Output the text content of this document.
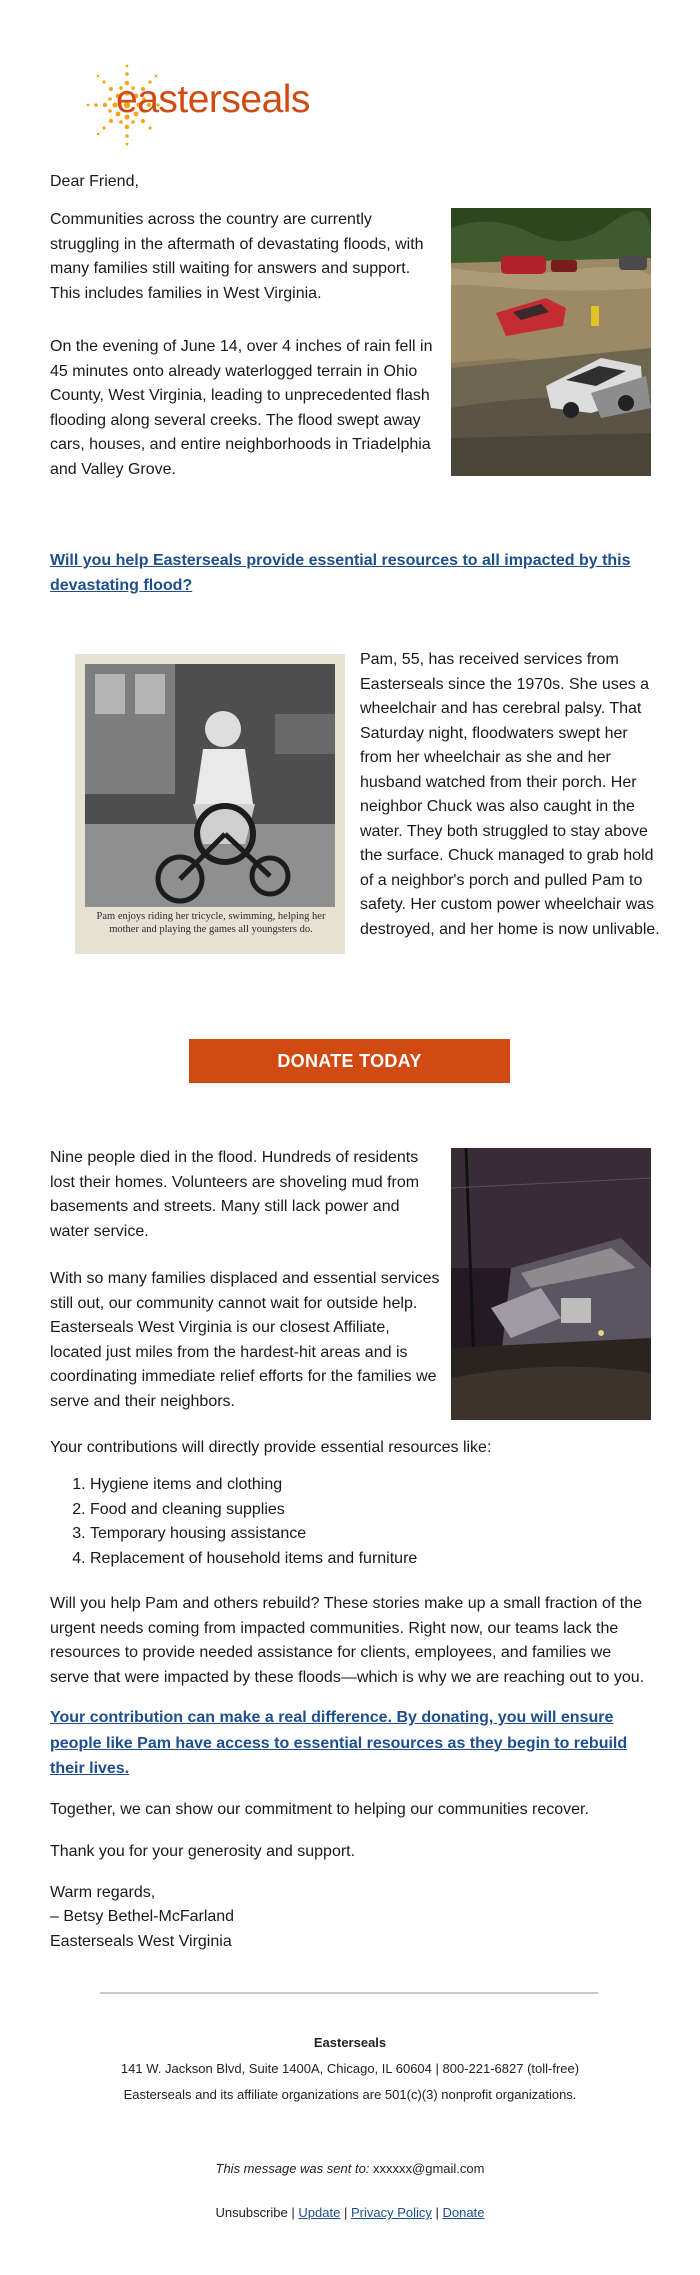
easterseals

Dear Friend,

Communities across the country are currently struggling in the aftermath of devastating floods, with many families still waiting for answers and support. This includes families in West Virginia.

On the evening of June 14, over 4 inches of rain fell in 45 minutes onto already waterlogged terrain in Ohio County, West Virginia, leading to unprecedented flash flooding along several creeks. The flood swept away cars, houses, and entire neighborhoods in Triadelphia and Valley Grove.

Will you help Easterseals provide essential resources to all impacted by this devastating flood?

Pam enjoys riding her tricycle, swimming, helping her mother and playing the games all youngsters do.

Pam, 55, has received services from Easterseals since the 1970s. She uses a wheelchair and has cerebral palsy. That Saturday night, floodwaters swept her from her wheelchair as she and her husband watched from their porch. Her neighbor Chuck was also caught in the water. They both struggled to stay above the surface. Chuck managed to grab hold of a neighbor's porch and pulled Pam to safety. Her custom power wheelchair was destroyed, and her home is now unlivable.

DONATE TODAY

Nine people died in the flood. Hundreds of residents lost their homes. Volunteers are shoveling mud from basements and streets. Many still lack power and water service.

With so many families displaced and essential services still out, our community cannot wait for outside help. Easterseals West Virginia is our closest Affiliate, located just miles from the hardest-hit areas and is coordinating immediate relief efforts for the families we serve and their neighbors.

Your contributions will directly provide essential resources like:

1. Hygiene items and clothing
2. Food and cleaning supplies
3. Temporary housing assistance
4. Replacement of household items and furniture

Will you help Pam and others rebuild? These stories make up a small fraction of the urgent needs coming from impacted communities. Right now, our teams lack the resources to provide needed assistance for clients, employees, and families we serve that were impacted by these floods—which is why we are reaching out to you.

Your contribution can make a real difference. By donating, you will ensure people like Pam have access to essential resources as they begin to rebuild their lives.

Together, we can show our commitment to helping our communities recover.

Thank you for your generosity and support.

Warm regards,

– Betsy Bethel-McFarland

Easterseals West Virginia

Easterseals
141 W. Jackson Blvd, Suite 1400A, Chicago, IL 60604 | 800-221-6827 (toll-free)
Easterseals and its affiliate organizations are 501(c)(3) nonprofit organizations.
This message was sent to: xxxxxx@gmail.com
Unsubscribe | Update | Privacy Policy | Donate
